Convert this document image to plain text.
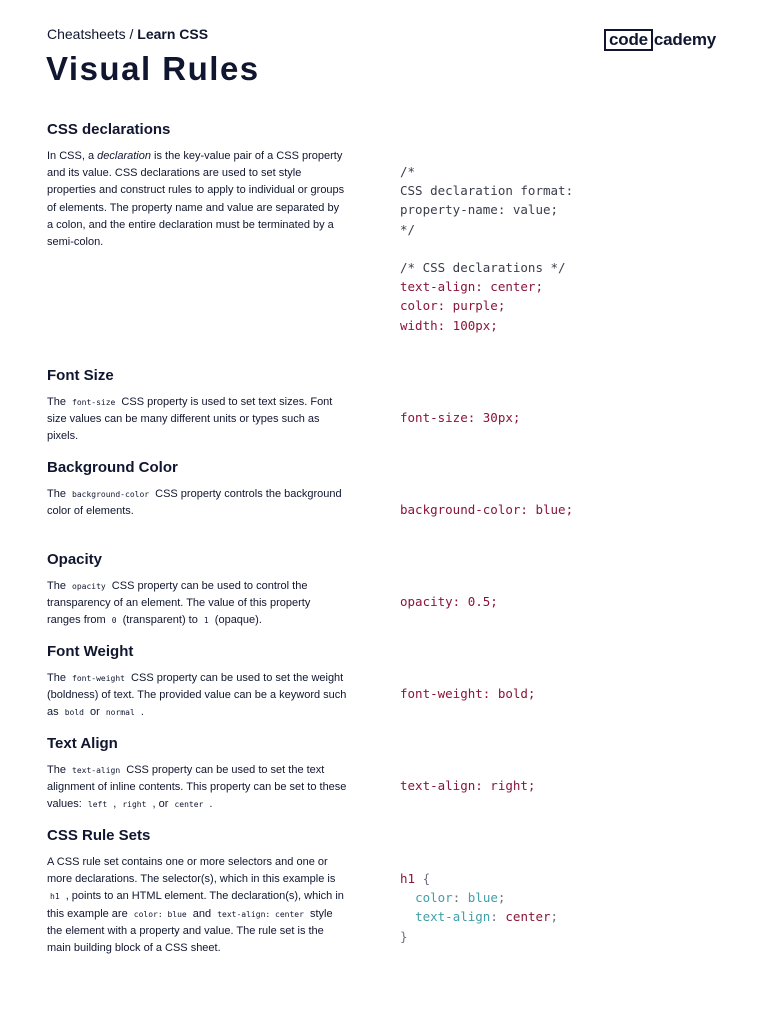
Cheatsheets / Learn CSS	code cademy
Visual Rules
CSS declarations

In CSS, a declaration is the key-value pair of a CSS property and its value. CSS declarations are used to set style properties and construct rules to apply to individual or groups of elements. The property name and value are separated by a colon, and the entire declaration must be terminated by a semi-colon.

/*
CSS declaration format:
property-name: value;
*/

/* CSS declarations */
text-align: center;
color: purple;
width: 100px;
Font Size

The font-size CSS property is used to set text sizes. Font size values can be many different units or types such as pixels.

font-size: 30px;
Background Color

The background-color CSS property controls the background color of elements.	background-color: blue;
Opacity

The opacity CSS property can be used to control the transparency of an element. The value of this property ranges from 0 (transparent) to 1 (opaque).

opacity: 0.5;
Font Weight

The font-weight CSS property can be used to set the weight (boldness) of text. The provided value can be a keyword such as bold or normal .

font-weight: bold;
Text Align

The text-align CSS property can be used to set the text alignment of inline contents. This property can be set to these values: left , right , or center .

text-align: right;
CSS Rule Sets

A CSS rule set contains one or more selectors and one or more declarations. The selector(s), which in this example is h1 , points to an HTML element. The declaration(s), which in this example are color: blue and text-align: center style the element with a property and value. The rule set is the main building block of a CSS sheet.

h1 {
color: blue;
text-align: center;
}
